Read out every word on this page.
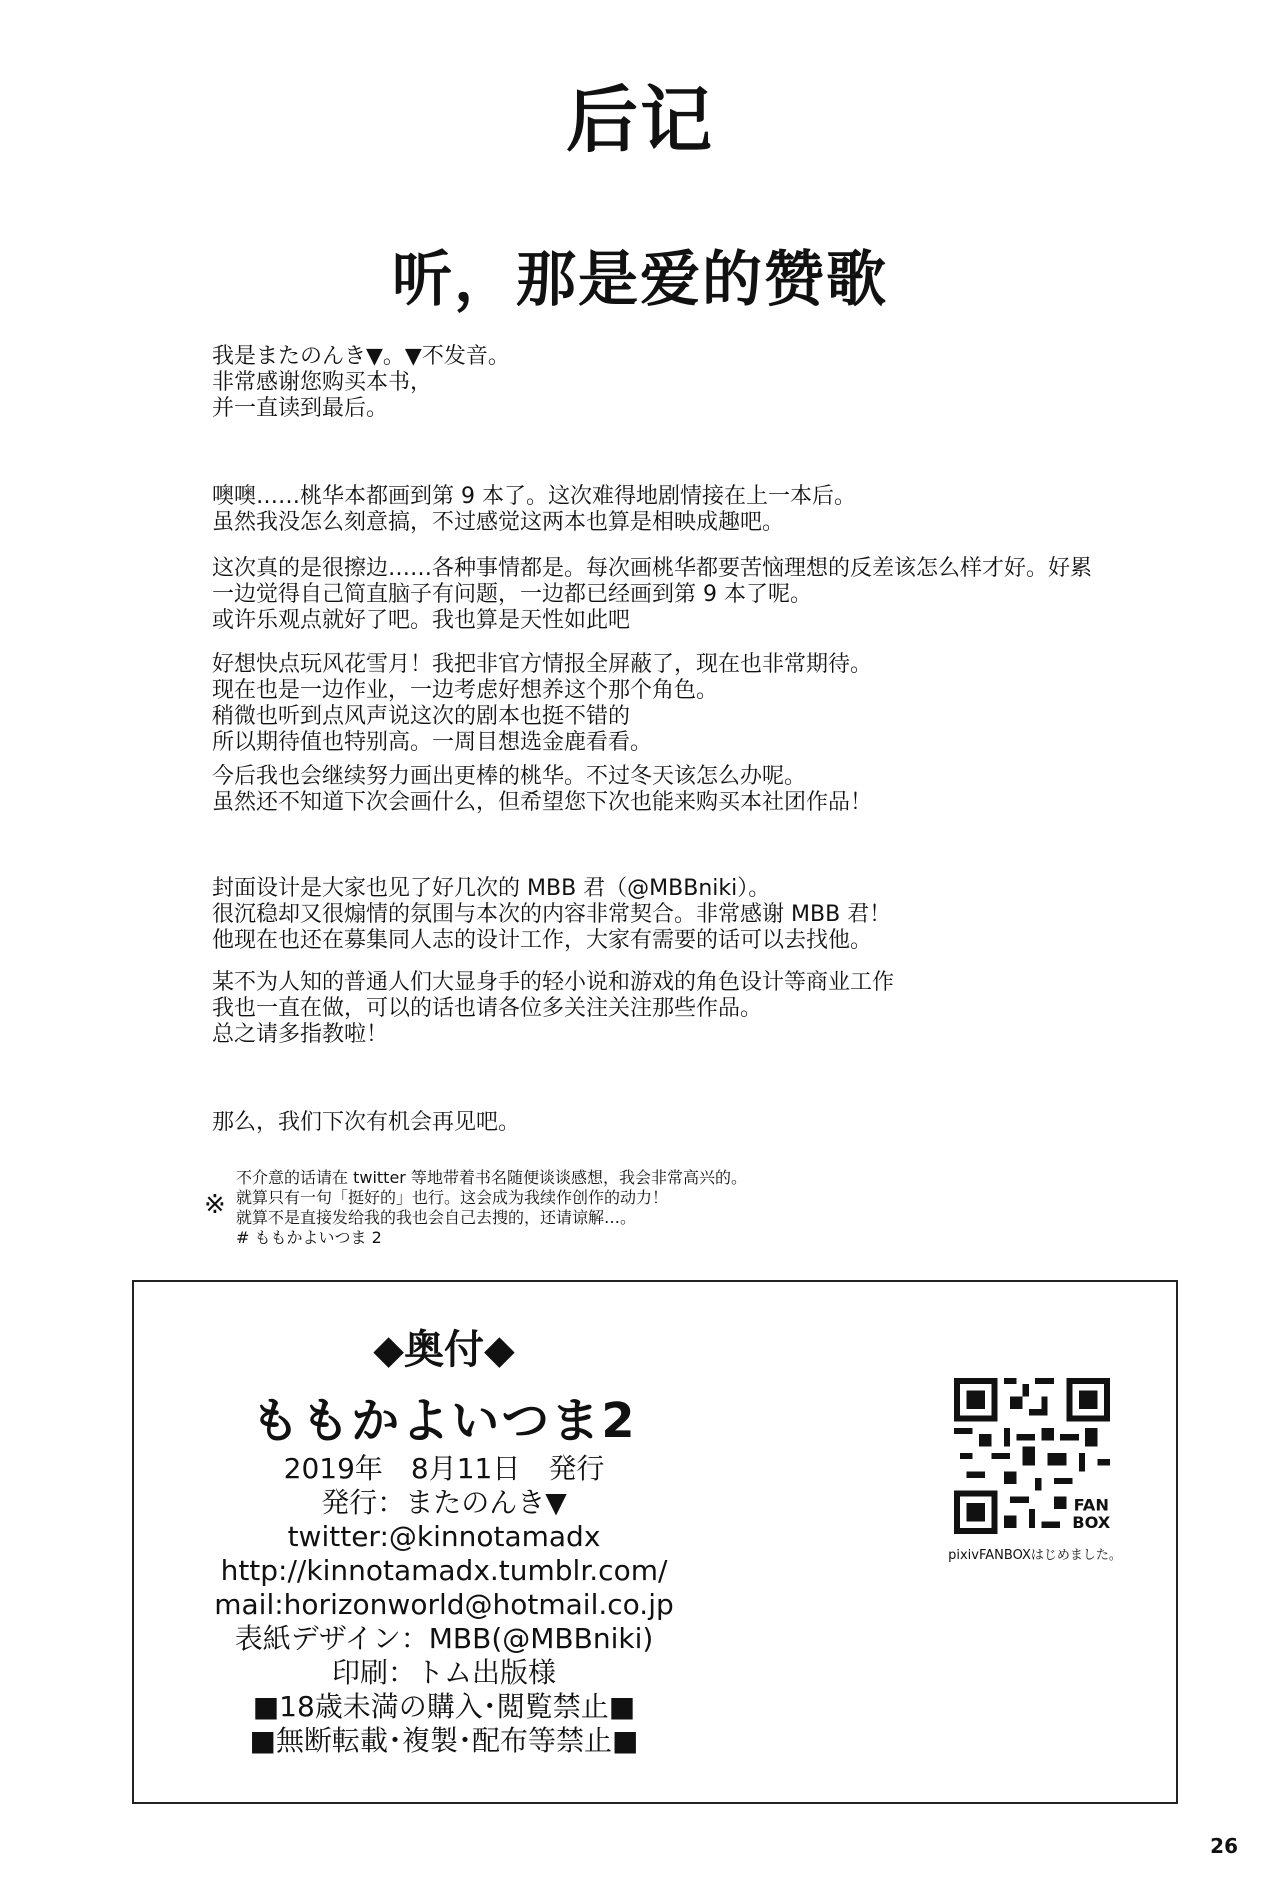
后记
听，那是爱的赞歌

我是またのんき▼。▼不发音。

非常感谢您购买本书，

并一直读到最后。

噢噢……桃华本都画到第 9 本了。这次难得地剧情接在上一本后。

虽然我没怎么刻意搞，不过感觉这两本也算是相映成趣吧。

这次真的是很擦边……各种事情都是。每次画桃华都要苦恼理想的反差该怎么样才好。好累

一边觉得自己简直脑子有问题，一边都已经画到第 9 本了呢。

或许乐观点就好了吧。我也算是天性如此吧

好想快点玩风花雪月！我把非官方情报全屏蔽了，现在也非常期待。

现在也是一边作业，一边考虑好想养这个那个角色。

稍微也听到点风声说这次的剧本也挺不错的

所以期待值也特别高。一周目想选金鹿看看。

今后我也会继续努力画出更棒的桃华。不过冬天该怎么办呢。

虽然还不知道下次会画什么，但希望您下次也能来购买本社团作品！

封面设计是大家也见了好几次的 MBB 君（@MBBniki）。

很沉稳却又很煽情的氛围与本次的内容非常契合。非常感谢 MBB 君！

他现在也还在募集同人志的设计工作，大家有需要的话可以去找他。

某不为人知的普通人们大显身手的轻小说和游戏的角色设计等商业工作

我也一直在做，可以的话也请各位多关注关注那些作品。

总之请多指教啦！

那么，我们下次有机会再见吧。

※

不介意的话请在 twitter 等地带着书名随便谈谈感想，我会非常高兴的。

就算只有一句「挺好的」也行。这会成为我续作创作的动力！

就算不是直接发给我的我也会自己去搜的，还请谅解…。

# ももかよいつま 2

◆奥付◆
ももかよいつま2

2019年　8月11日　発行

発行：またのんき▼

twitter:@kinnotamadx

http://kinnotamadx.tumblr.com/

mail:horizonworld@hotmail.co.jp

表紙デザイン：MBB(@MBBniki)

印刷：トム出版様

■18歳未満の購入･閲覧禁止■

■無断転載･複製･配布等禁止■

FAN
BOX
pixivFANBOXはじめました。
26
